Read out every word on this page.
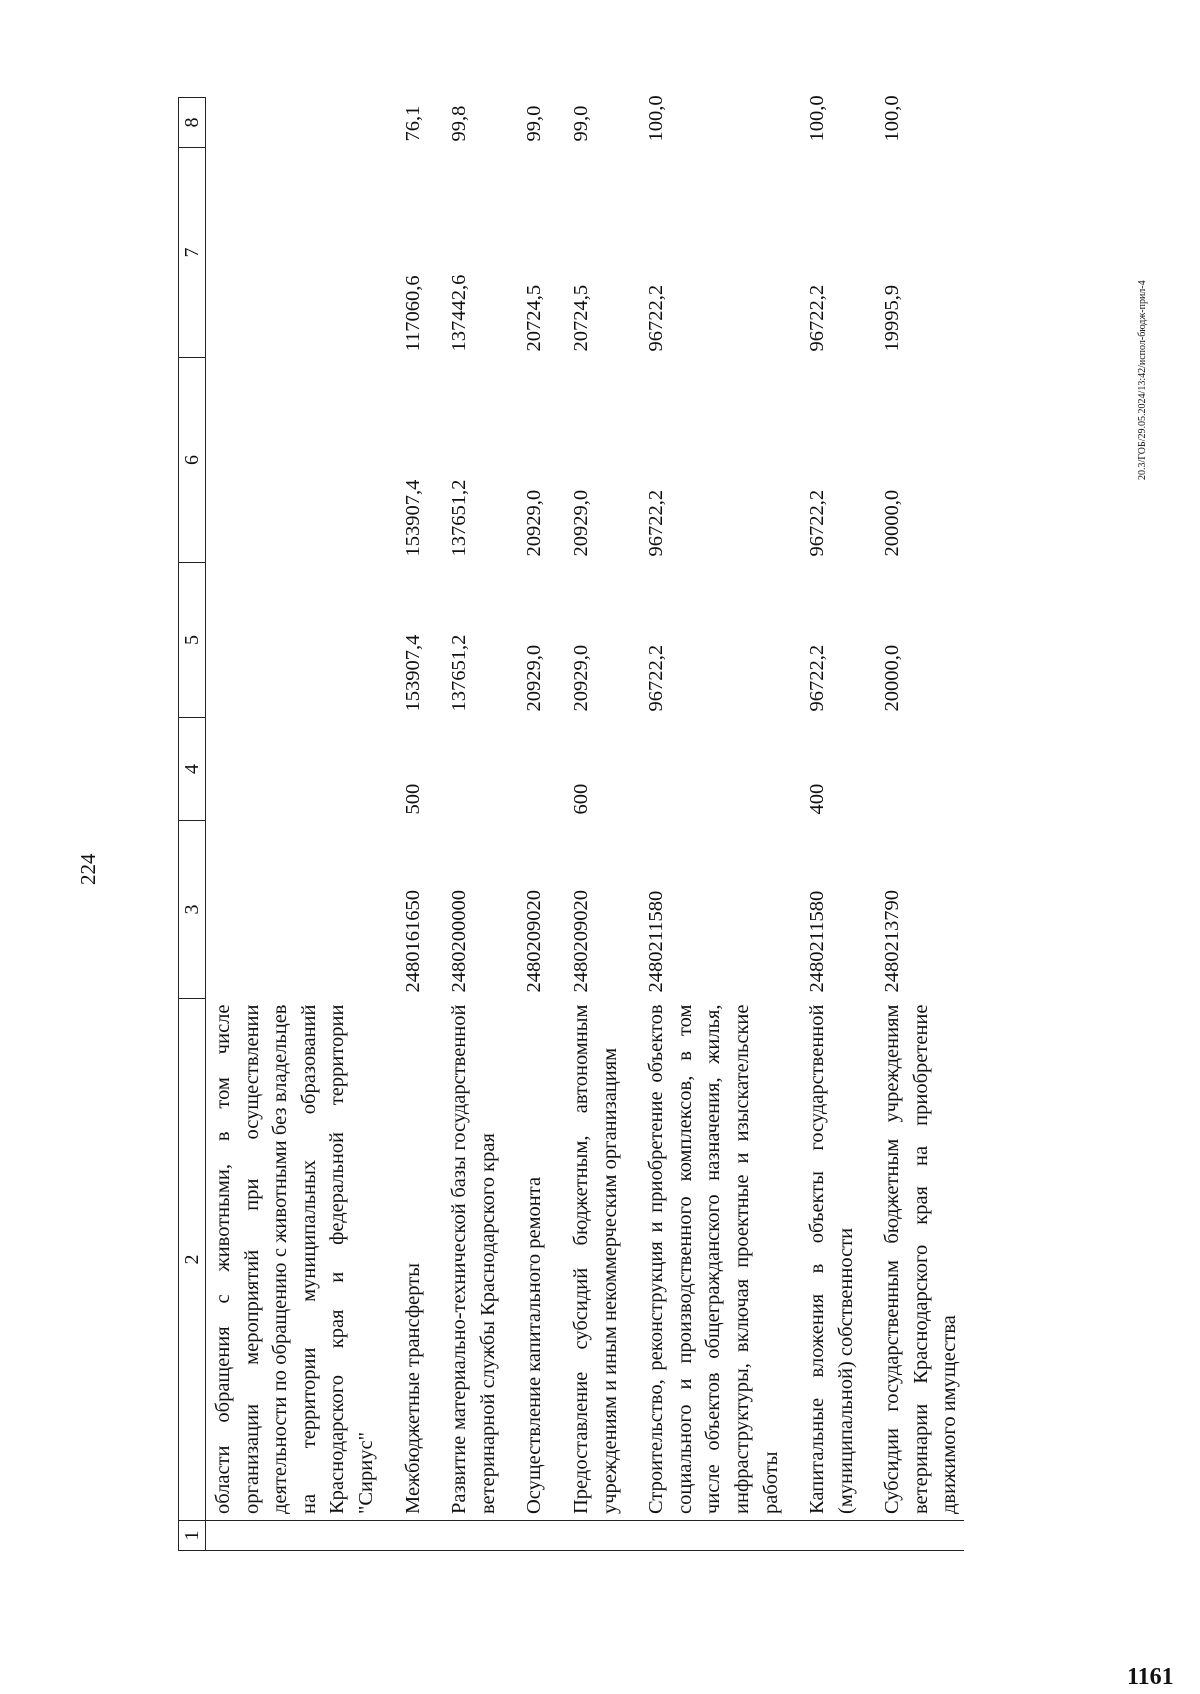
224
1	2	3	4	5	6	7	8
	области обращения с животными, в том числе организации мероприятий при осуществлении деятельности по обращению с животными без владельцев на территории муниципальных образований Краснодарского края и федеральной территории "Сириус"						

	Межбюджетные трансферты	2480161650	500	153907,4	153907,4	117060,6	76,1

	Развитие материально-технической базы государственной ветеринарной службы Краснодарского края	2480200000		137651,2	137651,2	137442,6	99,8

	Осуществление капитального ремонта	2480209020		20929,0	20929,0	20724,5	99,0

	Предоставление субсидий бюджетным, автономным учреждениям и иным некоммерческим организациям	2480209020	600	20929,0	20929,0	20724,5	99,0

	Строительство, реконструкция и приобретение объектов социального и производственного комплексов, в том числе объектов общегражданского назначения, жилья, инфраструктуры, включая проектные и изыскательские работы	2480211580		96722,2	96722,2	96722,2	100,0

	Капитальные вложения в объекты государственной (муниципальной) собственности	2480211580	400	96722,2	96722,2	96722,2	100,0

	Субсидии государственным бюджетным учреждениям ветеринарии Краснодарского края на приобретение движимого имущества	2480213790		20000,0	20000,0	19995,9	100,0
20.3/ГОБ/29.05.2024/13:42/испол-бюдж-прил-4
1161
